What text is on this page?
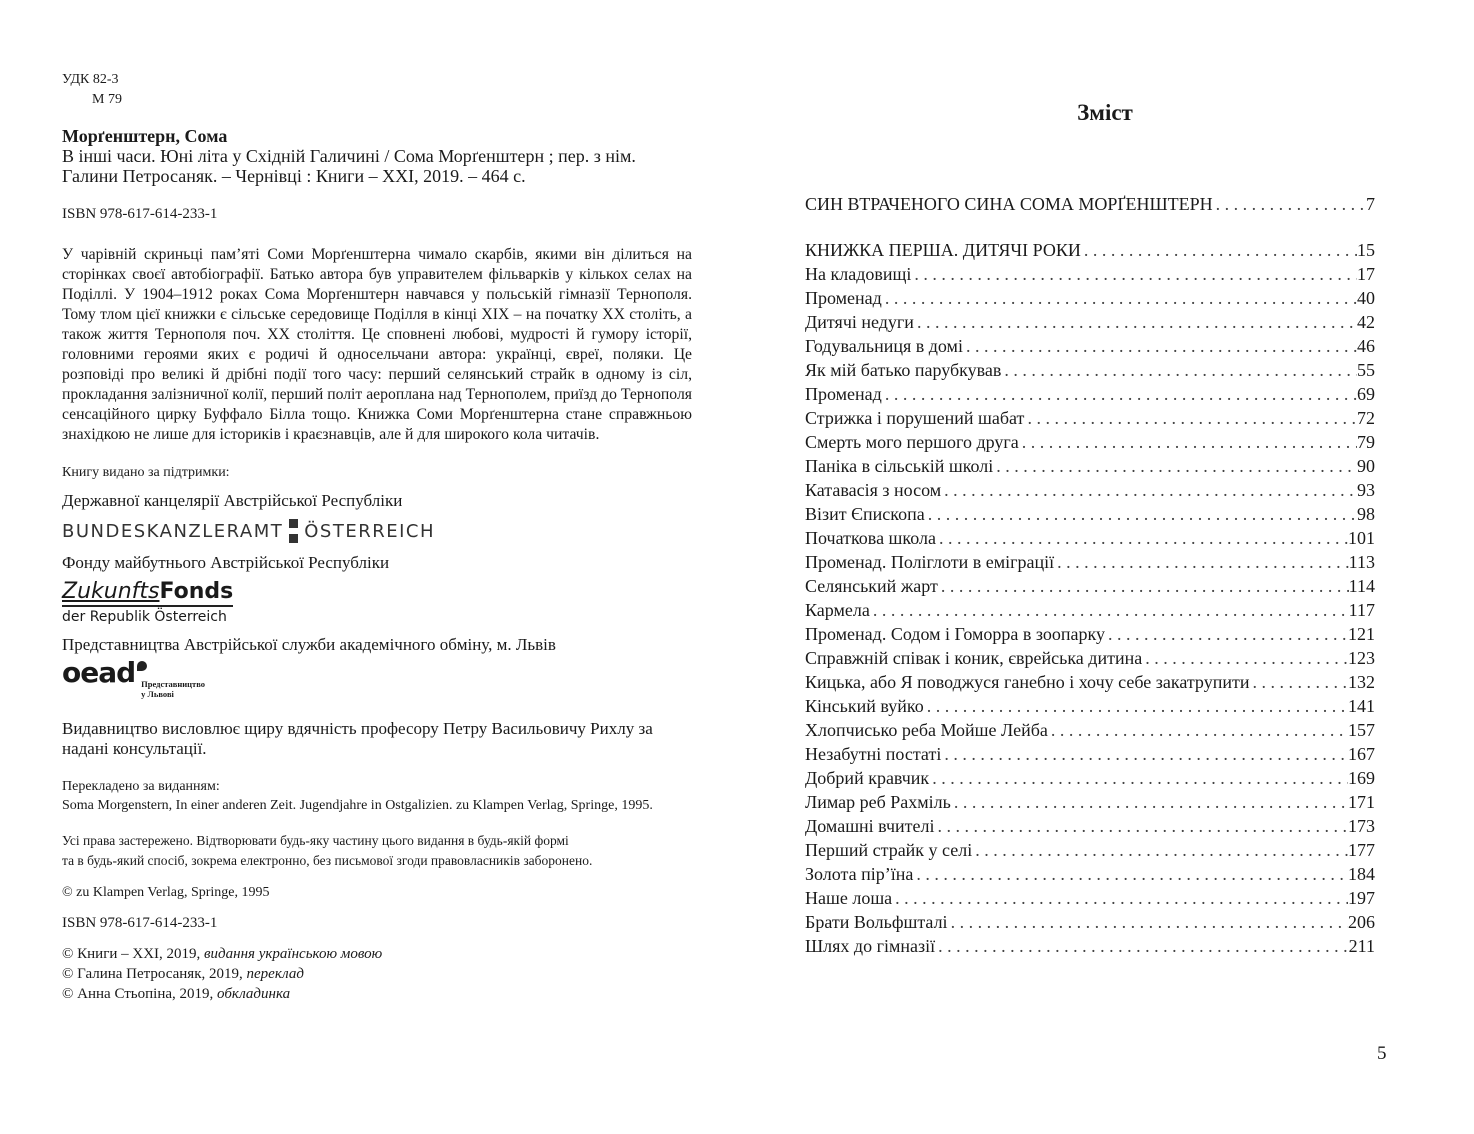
УДК 82-3
М 79
Морґенштерн, Сома
В інші часи. Юні літа у Східній Галичині / Сома Морґенштерн ; пер. з нім.
Галини Петросаняк. – Чернівці : Книги – ХХІ, 2019. – 464 с.
ISBN 978-617-614-233-1
У чарівній скриньці пам’яті Соми Морґенштерна чимало скарбів, якими він ділиться на сторінках своєї автобіографії. Батько автора був управителем фільварків у кількох селах на Поділлі. У 1904–1912 роках Сома Морґенштерн навчався у польській гімназії Тернополя. Тому тлом цієї книжки є сільське середовище Поділля в кінці ХІХ – на початку ХХ століть, а також життя Тернополя поч. ХХ століття. Це сповнені любові, мудрості й гумору історії, головними героями яких є родичі й односельчани автора: українці, євреї, поляки. Це розповіді про великі й дрібні події того часу: перший селянський страйк в одному із сіл, прокладання залізничної колії, перший політ аероплана над Тернополем, приїзд до Тернополя сенсаційного цирку Буффало Білла тощо. Книжка Соми Морґенштерна стане справжньою знахідкою не лише для істориків і краєзнавців, але й для широкого кола читачів.
Книгу видано за підтримки:
Державної канцелярії Австрійської Республіки
BUNDESKANZLERAMT ÖSTERREICH
Фонду майбутнього Австрійської Республіки
ZukunftsFonds
der Republik Österreich
Представництва Австрійської служби академічного обміну, м. Львів
oead Представництво
у Львові
Видавництво висловлює щиру вдячність професору Петру Васильовичу Рихлу за надані консультації.
Перекладено за виданням:
Soma Morgenstern, In einer anderen Zeit. Jugendjahre in Ostgalizien. zu Klampen Verlag, Springe, 1995.
Усі права застережено. Відтворювати будь-яку частину цього видання в будь-якій формі
та в будь-який спосіб, зокрема електронно, без письмової згоди правовласників заборонено.
© zu Klampen Verlag, Springe, 1995
ISBN 978-617-614-233-1
© Книги – ХХІ, 2019, видання українською мовою
© Галина Петросаняк, 2019, переклад
© Анна Стьопіна, 2019, обкладинка
Зміст
СИН ВТРАЧЕНОГО СИНА СОМА МОРҐЕНШТЕРН . . .	7
КНИЖКА ПЕРША. ДИТЯЧІ РОКИ . . .	15
На кладовищі . . .	17
Променад . . .	40
Дитячі недуги . . .	42
Годувальниця в домі . . .	46
Як мій батько парубкував . . .	55
Променад . . .	69
Стрижка і порушений шабат . . .	72
Смерть мого першого друга . . .	79
Паніка в сільській школі . . .	90
Катавасія з носом . . .	93
Візит Єпископа . . .	98
Початкова школа . . .	101
Променад. Поліглоти в еміграції . . .	113
Селянський жарт . . .	114
Кармела . . .	117
Променад. Содом і Гоморра в зоопарку . . .	121
Справжній співак і коник, єврейська дитина . . .	123
Кицька, або Я поводжуся ганебно і хочу себе закатрупити . . .	132
Кінський вуйко . . .	141
Хлопчисько реба Мойше Лейба . . .	157
Незабутні постаті . . .	167
Добрий кравчик . . .	169
Лимар реб Рахміль . . .	171
Домашні вчителі . . .	173
Перший страйк у селі . . .	177
Золота пір’їна . . .	184
Наше лоша . . .	197
Брати Вольфшталі . . .	206
Шлях до гімназії . . .	211
5
